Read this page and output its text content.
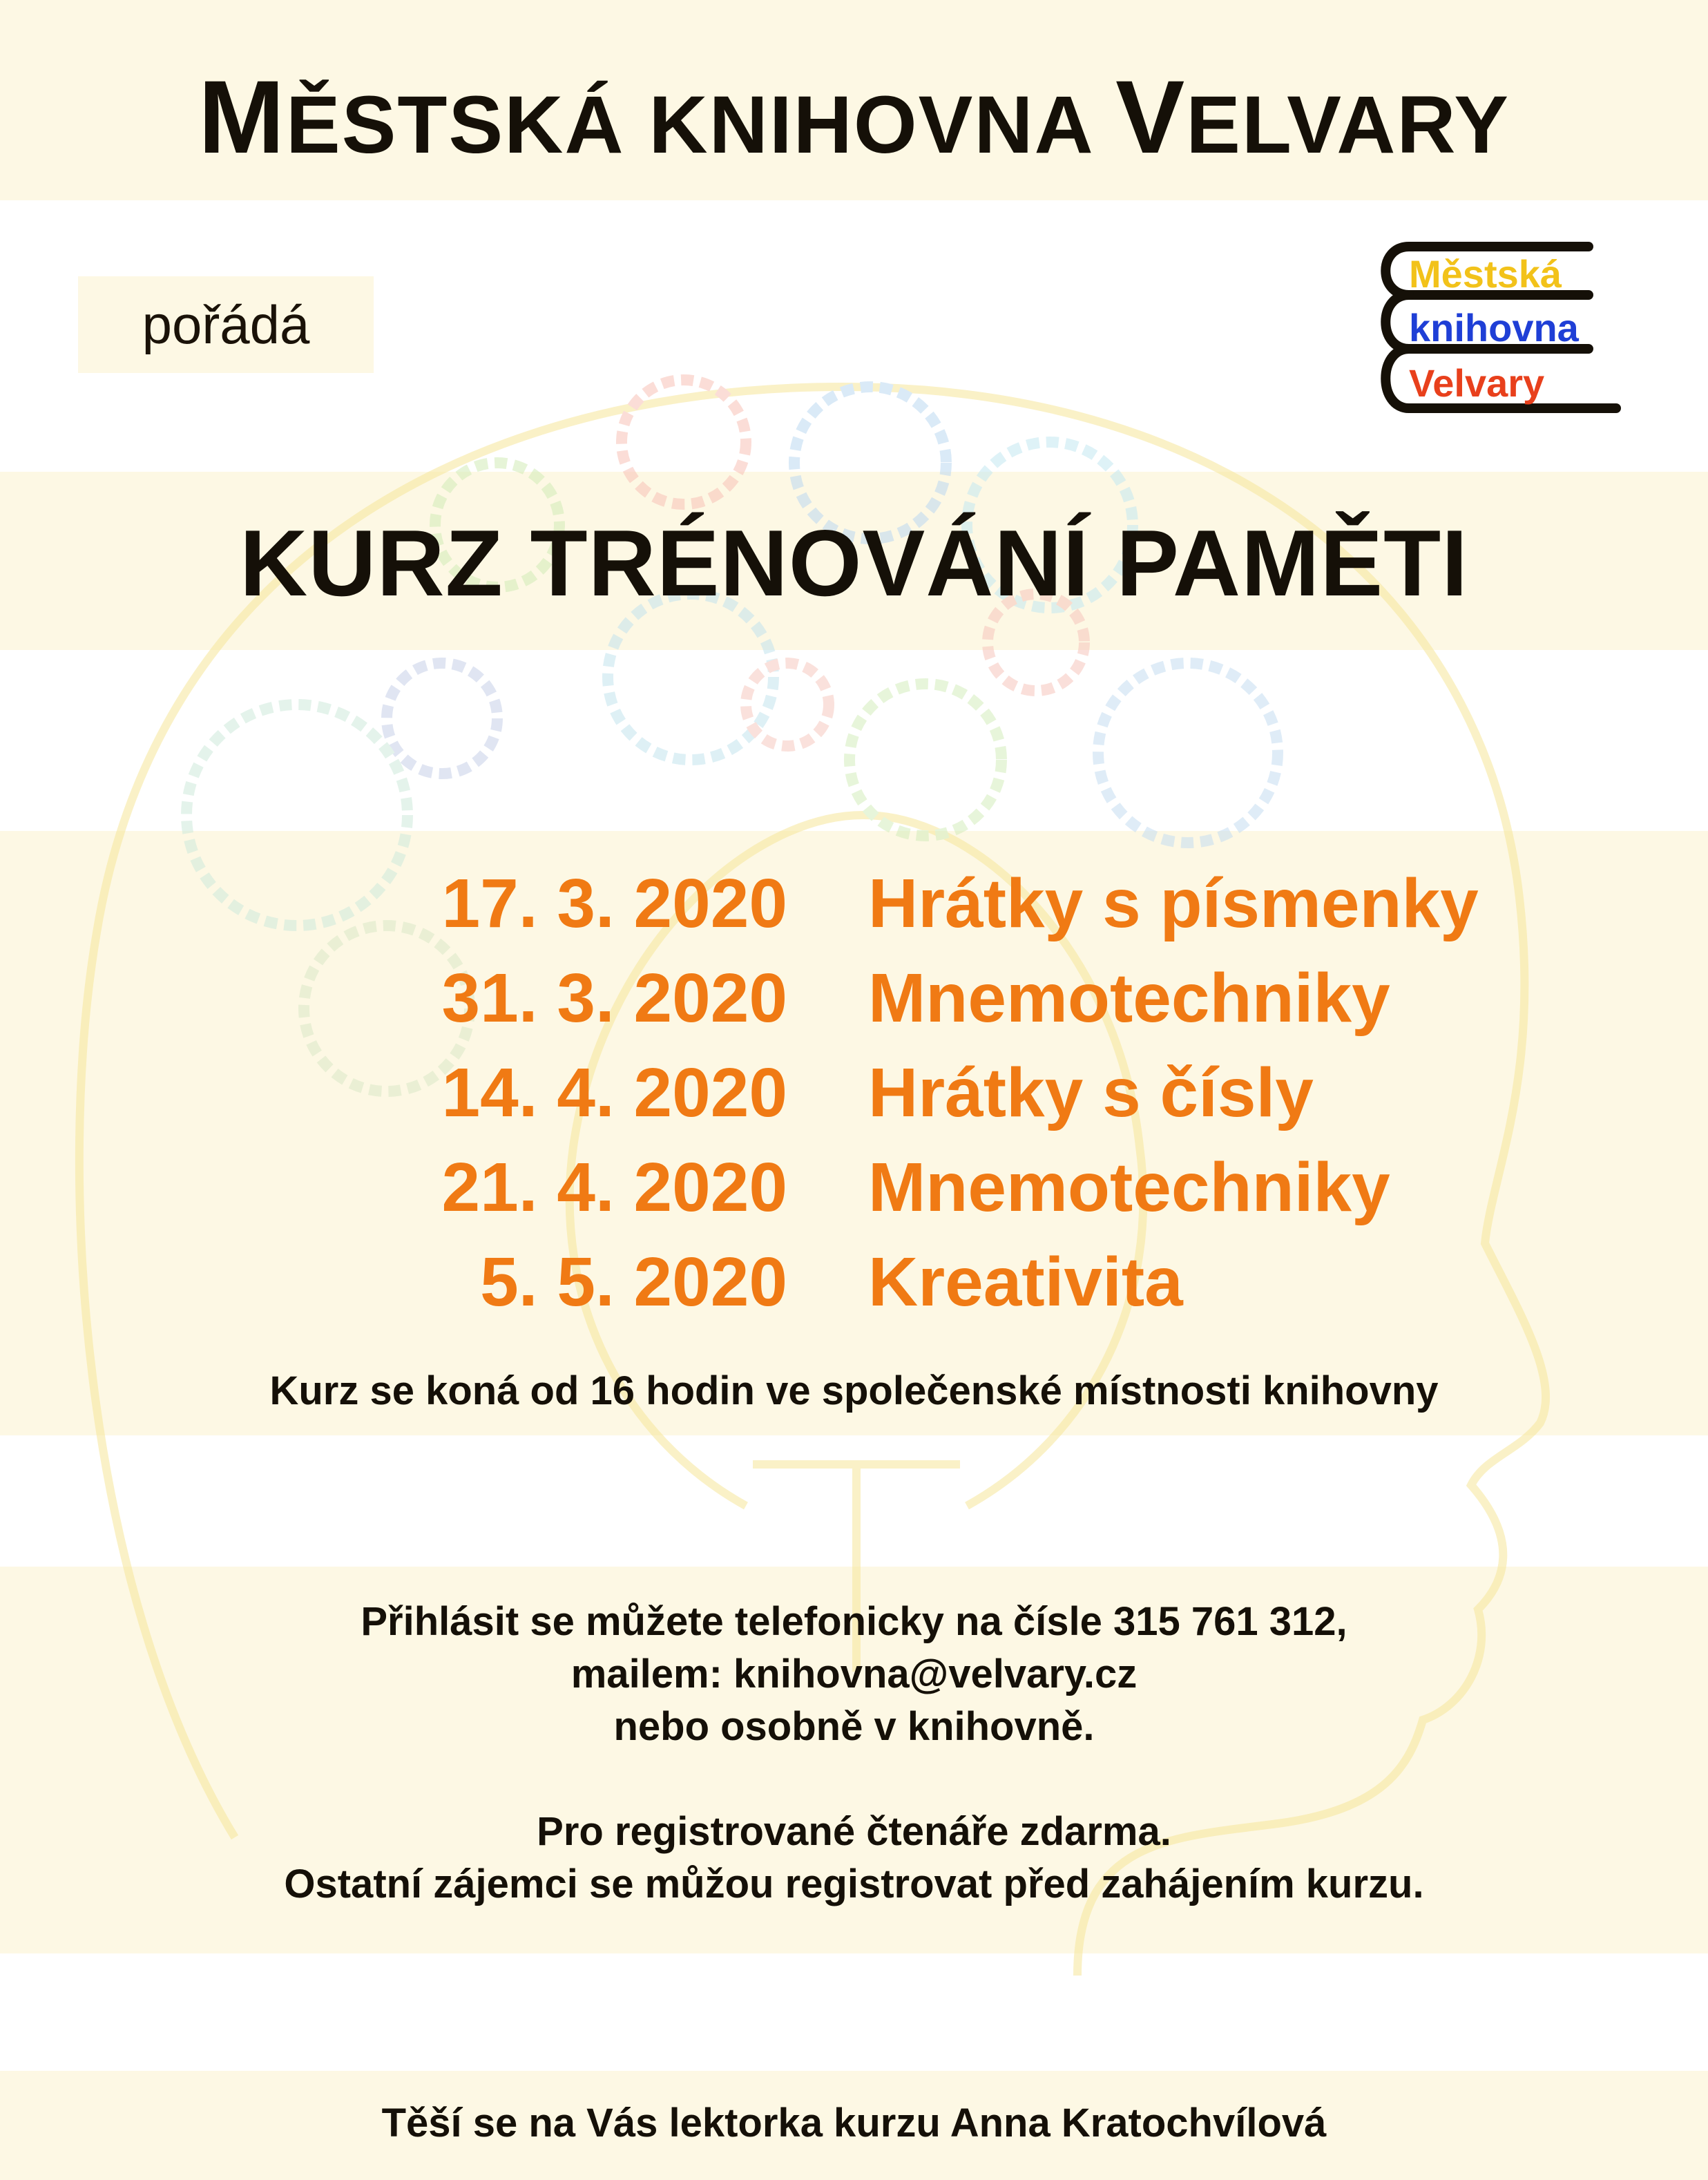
MĚSTSKÁ KNIHOVNA VELVARY
pořádá
Městská
knihovna
Velvary
KURZ TRÉNOVÁNÍ PAMĚTI
17. 3. 2020 Hrátky s písmenky
31. 3. 2020 Mnemotechniky
14. 4. 2020 Hrátky s čísly
21. 4. 2020 Mnemotechniky
5. 5. 2020 Kreativita
Kurz se koná od 16 hodin ve společenské místnosti knihovny
Přihlásit se můžete telefonicky na čísle 315 761 312,
mailem: knihovna@velvary.cz
nebo osobně v knihovně.
Pro registrované čtenáře zdarma.
Ostatní zájemci se můžou registrovat před zahájením kurzu.
Těší se na Vás lektorka kurzu Anna Kratochvílová
